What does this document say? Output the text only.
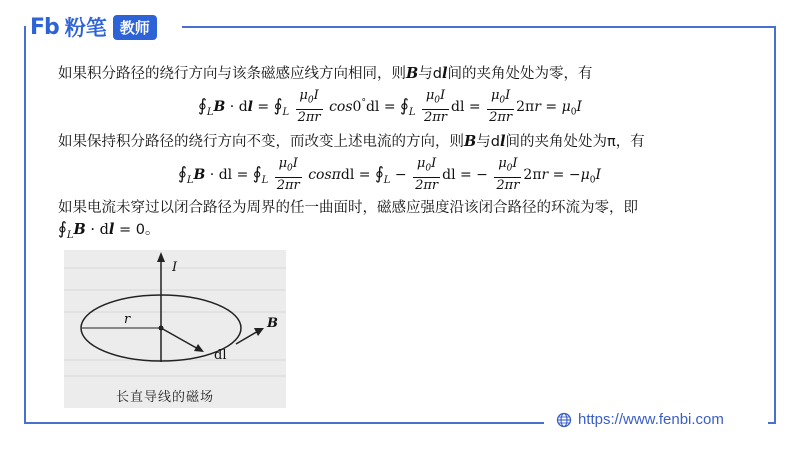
Fb 粉笔 教师
如果积分路径的绕行方向与该条磁感应线方向相同，则B与dl间的夹角处处为零，有
$∮_LB$ · dl = $∮_L \frac{\mu_0I}{2\pi r} \cos 0^\circ dl$ = $∮_L \frac{\mu_0I}{2\pi r}$ dl = $\frac{\mu_0I}{2\pi r} 2\pi r = \mu_0I$
如果保持积分路径的绕行方向不变，而改变上述电流的方向，则B与dl间的夹角处处为π，有
$∮_LB$ · dl = $∮_L \frac{\mu_0I}{2\pi r}$ $\cos\pi dl = ∮_L - \frac{\mu_0I}{2\pi r}$ dl = − $\frac{\mu_0I}{2\pi r} 2\pi r = -\mu_0I$
如果电流未穿过以闭合路径为周界的任一曲面时，磁感应强度沿该闭合路径的环流为零，即
$∮_LB$ · dl = 0。
I
r	B
dl
长直导线的磁场
https://www.fenbi.com
